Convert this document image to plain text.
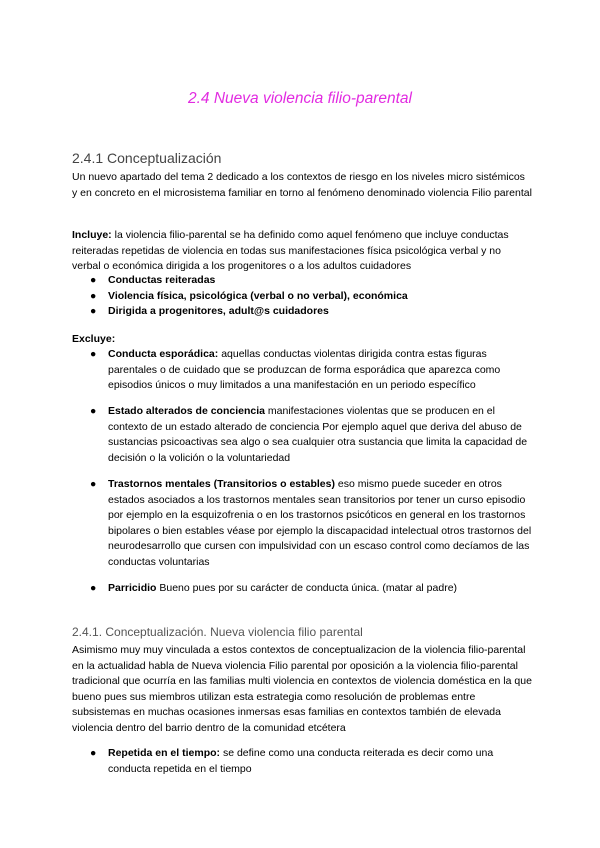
2.4 Nueva violencia filio-parental
2.4.1 Conceptualización
Un nuevo apartado del tema 2 dedicado a los contextos de riesgo en los niveles micro sistémicos y en concreto en el microsistema familiar en torno al fenómeno denominado violencia Filio parental
Incluye: la violencia filio-parental se ha definido como aquel fenómeno que incluye conductas reiteradas repetidas de violencia en todas sus manifestaciones física psicológica verbal y no verbal o económica dirigida a los progenitores o a los adultos cuidadores
● Conductas reiteradas
● Violencia física, psicológica (verbal o no verbal), económica
● Dirigida a progenitores, adult@s cuidadores
Excluye:
● Conducta esporádica: aquellas conductas violentas dirigida contra estas figuras parentales o de cuidado que se produzcan de forma esporádica que aparezca como episodios únicos o muy limitados a una manifestación en un periodo específico
● Estado alterados de conciencia manifestaciones violentas que se producen en el contexto de un estado alterado de conciencia Por ejemplo aquel que deriva del abuso de sustancias psicoactivas sea algo o sea cualquier otra sustancia que limita la capacidad de decisión o la volición o la voluntariedad
● Trastornos mentales (Transitorios o estables) eso mismo puede suceder en otros estados asociados a los trastornos mentales sean transitorios por tener un curso episodio por ejemplo en la esquizofrenia o en los trastornos psicóticos en general en los trastornos bipolares o bien estables véase por ejemplo la discapacidad intelectual otros trastornos del neurodesarrollo que cursen con impulsividad con un escaso control como decíamos de las conductas voluntarias
● Parricidio Bueno pues por su carácter de conducta única. (matar al padre)
2.4.1. Conceptualización. Nueva violencia filio parental
Asimismo muy muy vinculada a estos contextos de conceptualizacion de la violencia filio-parental en la actualidad habla de Nueva violencia Filio parental por oposición a la violencia filio-parental tradicional que ocurría en las familias multi violencia en contextos de violencia doméstica en la que bueno pues sus miembros utilizan esta estrategia como resolución de problemas entre subsistemas en muchas ocasiones inmersas esas familias en contextos también de elevada violencia dentro del barrio dentro de la comunidad etcétera
● Repetida en el tiempo: se define como una conducta reiterada es decir como una conducta repetida en el tiempo
